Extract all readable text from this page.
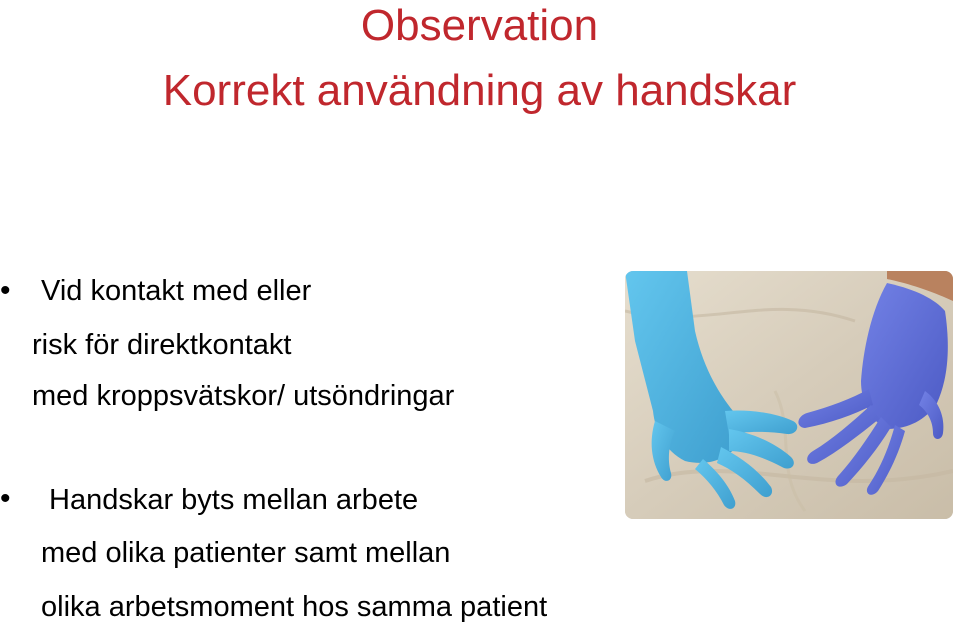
Observation
Korrekt användning av handskar
• Vid kontakt med eller

risk för direktkontakt

med kroppsvätskor/ utsöndringar

• Handskar byts mellan arbete

med olika patienter samt mellan

olika arbetsmoment hos samma patient
